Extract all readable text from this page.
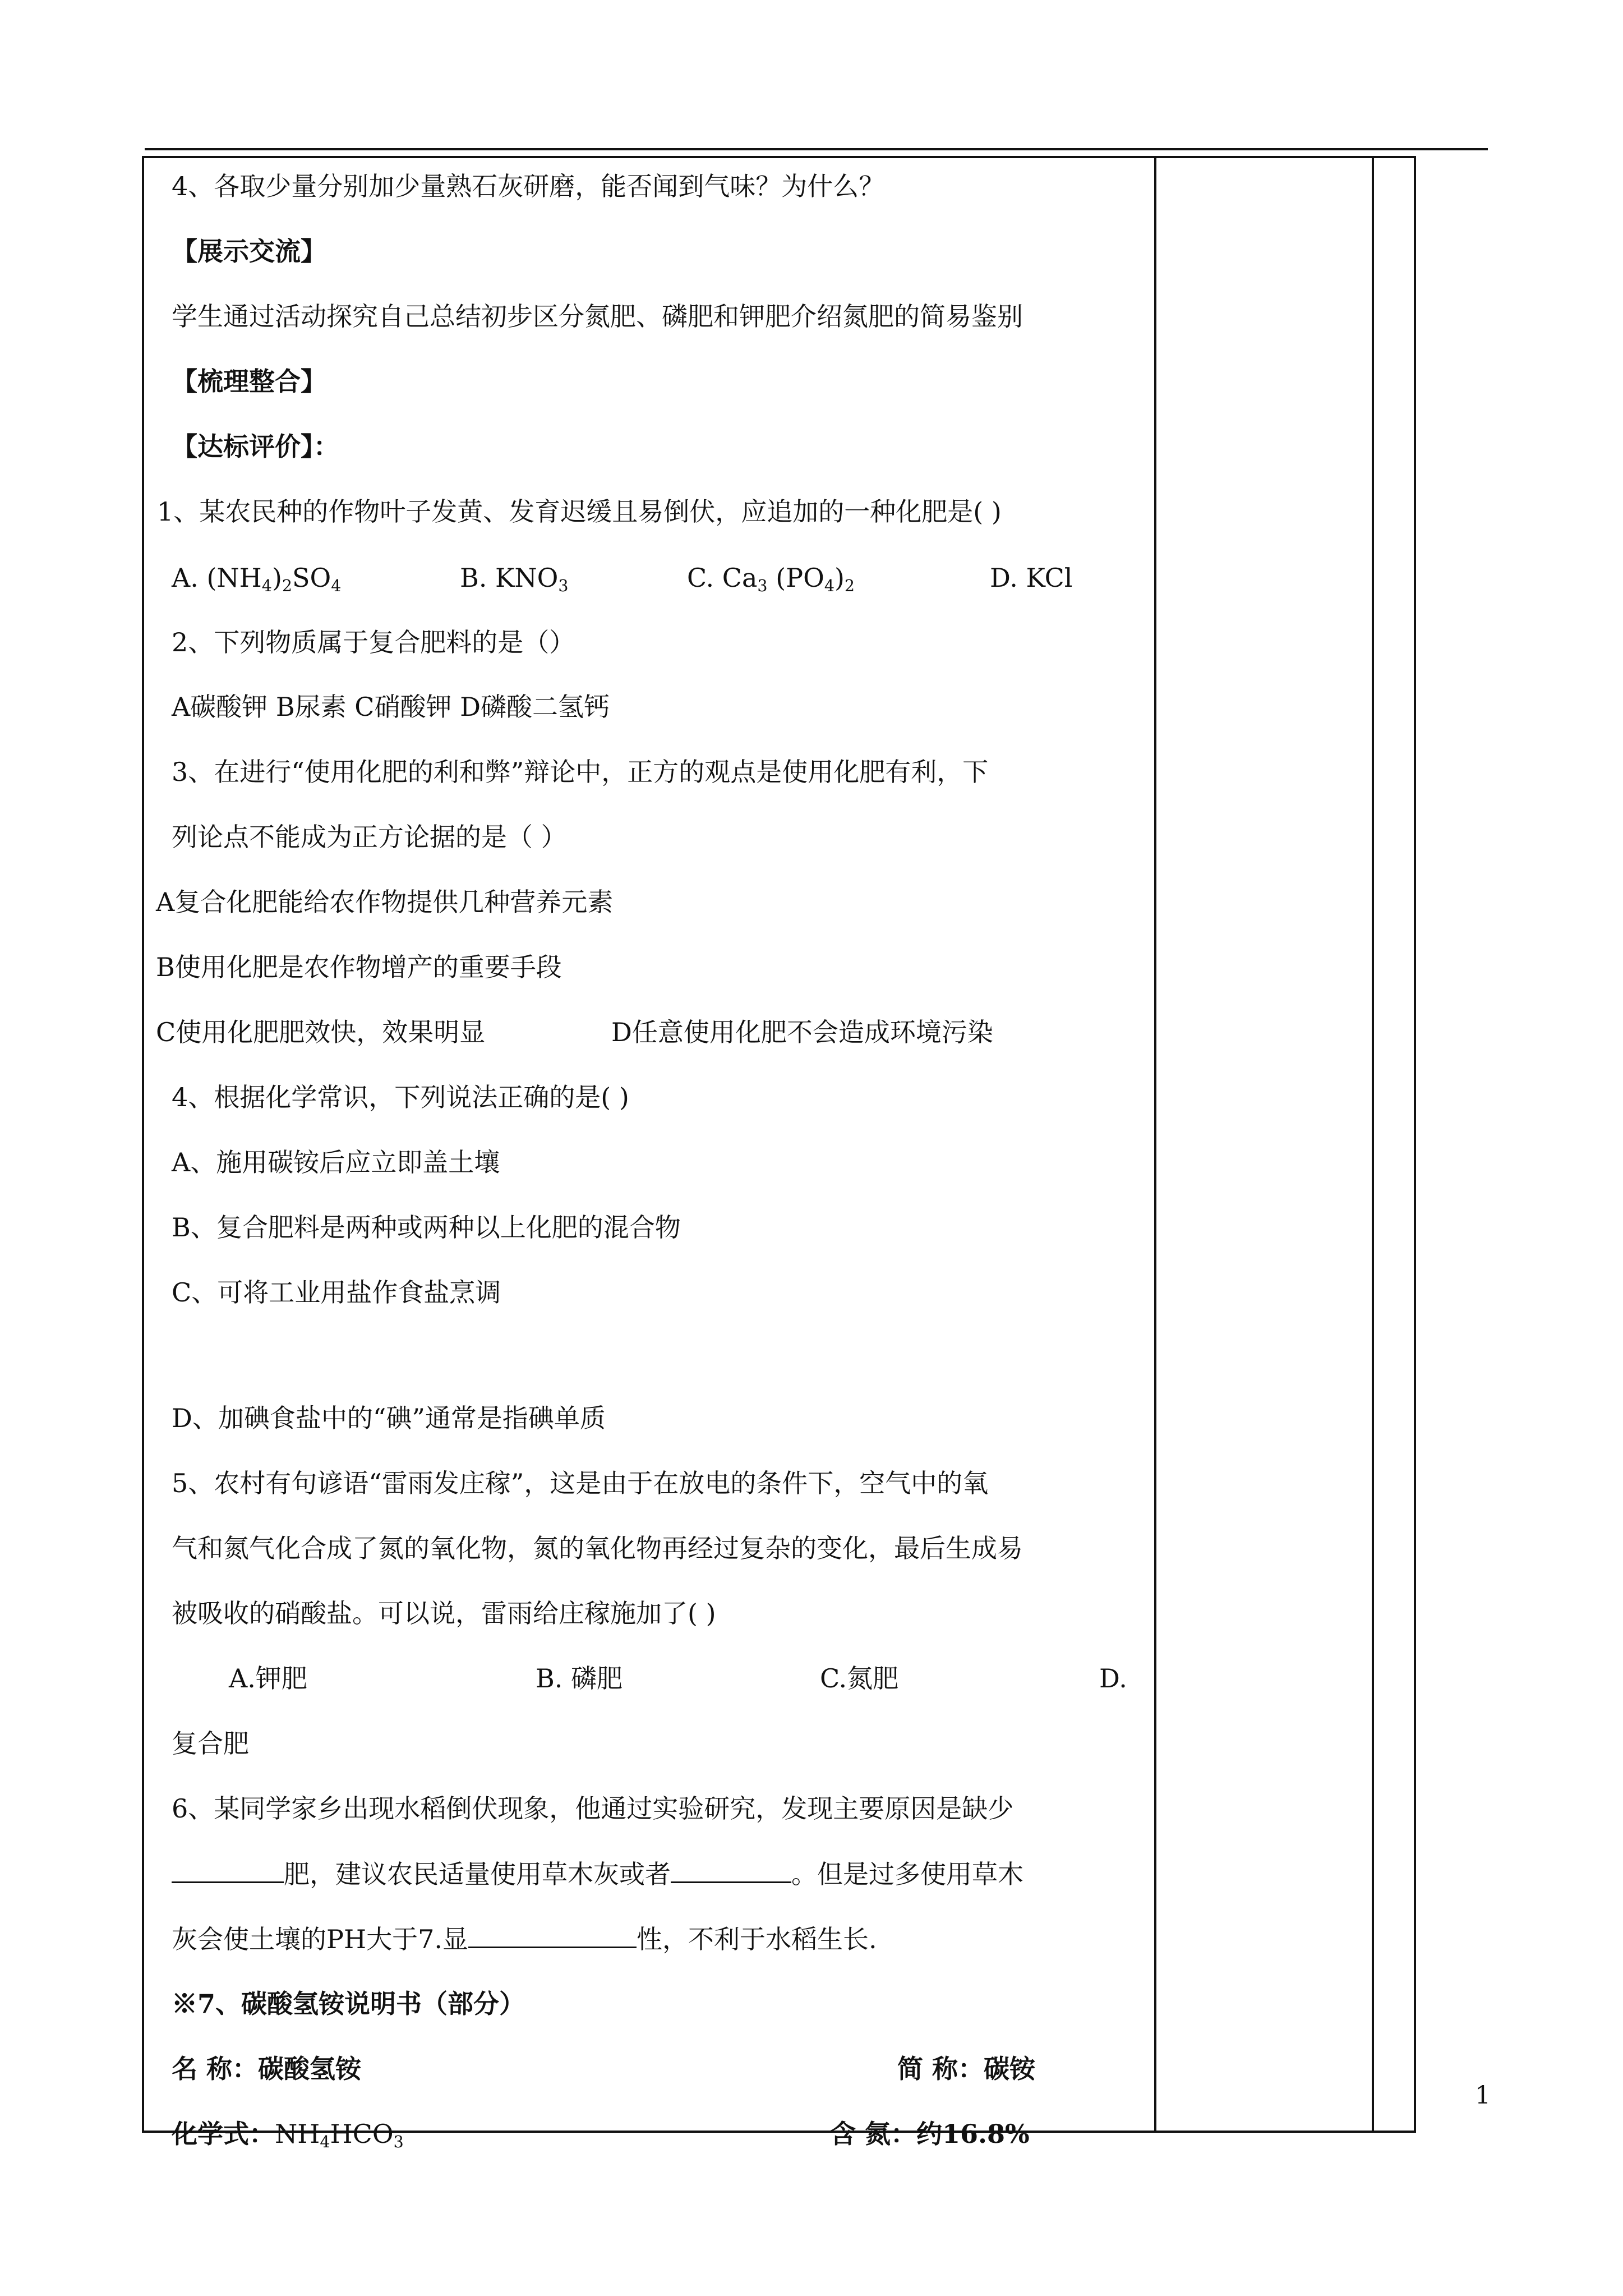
4、各取少量分别加少量熟石灰研磨，能否闻到气味？为什么？
【展示交流】
学生通过活动探究自己总结初步区分氮肥、磷肥和钾肥介绍氮肥的简易鉴别
【梳理整合】
【达标评价】：
1、某农民种的作物叶子发黄、发育迟缓且易倒伏，应追加的一种化肥是( )
A. $(NH_4)_2SO_4$	B. $KNO_3$	C. $Ca_3$ $(PO_4)_2$	D. KCl
2、下列物质属于复合肥料的是（）
A碳酸钾 B尿素 C硝酸钾 D磷酸二氢钙
3、在进行“使用化肥的利和弊”辩论中，正方的观点是使用化肥有利，下
列论点不能成为正方论据的是（ ）
A复合化肥能给农作物提供几种营养元素
B使用化肥是农作物增产的重要手段
C使用化肥肥效快，效果明显	D任意使用化肥不会造成环境污染
4、根据化学常识，下列说法正确的是( )
A、施用碳铵后应立即盖土壤
B、复合肥料是两种或两种以上化肥的混合物
C、可将工业用盐作食盐烹调
D、加碘食盐中的“碘”通常是指碘单质
5、农村有句谚语“雷雨发庄稼”，这是由于在放电的条件下，空气中的氧
气和氮气化合成了氮的氧化物，氮的氧化物再经过复杂的变化，最后生成易
被吸收的硝酸盐。可以说，雷雨给庄稼施加了( )
A.钾肥	B. 磷肥	C.氮肥	D.
复合肥
6、某同学家乡出现水稻倒伏现象，他通过实验研究，发现主要原因是缺少
肥，建议农民适量使用草木灰或者	。但是过多使用草木
灰会使土壤的PH大于7.显	性，不利于水稻生长.
※7、碳酸氢铵说明书（部分）
名 称：碳酸氢铵	简 称：碳铵
化学式：$NH_4HCO_3$	含 氮：约16.8%
1
